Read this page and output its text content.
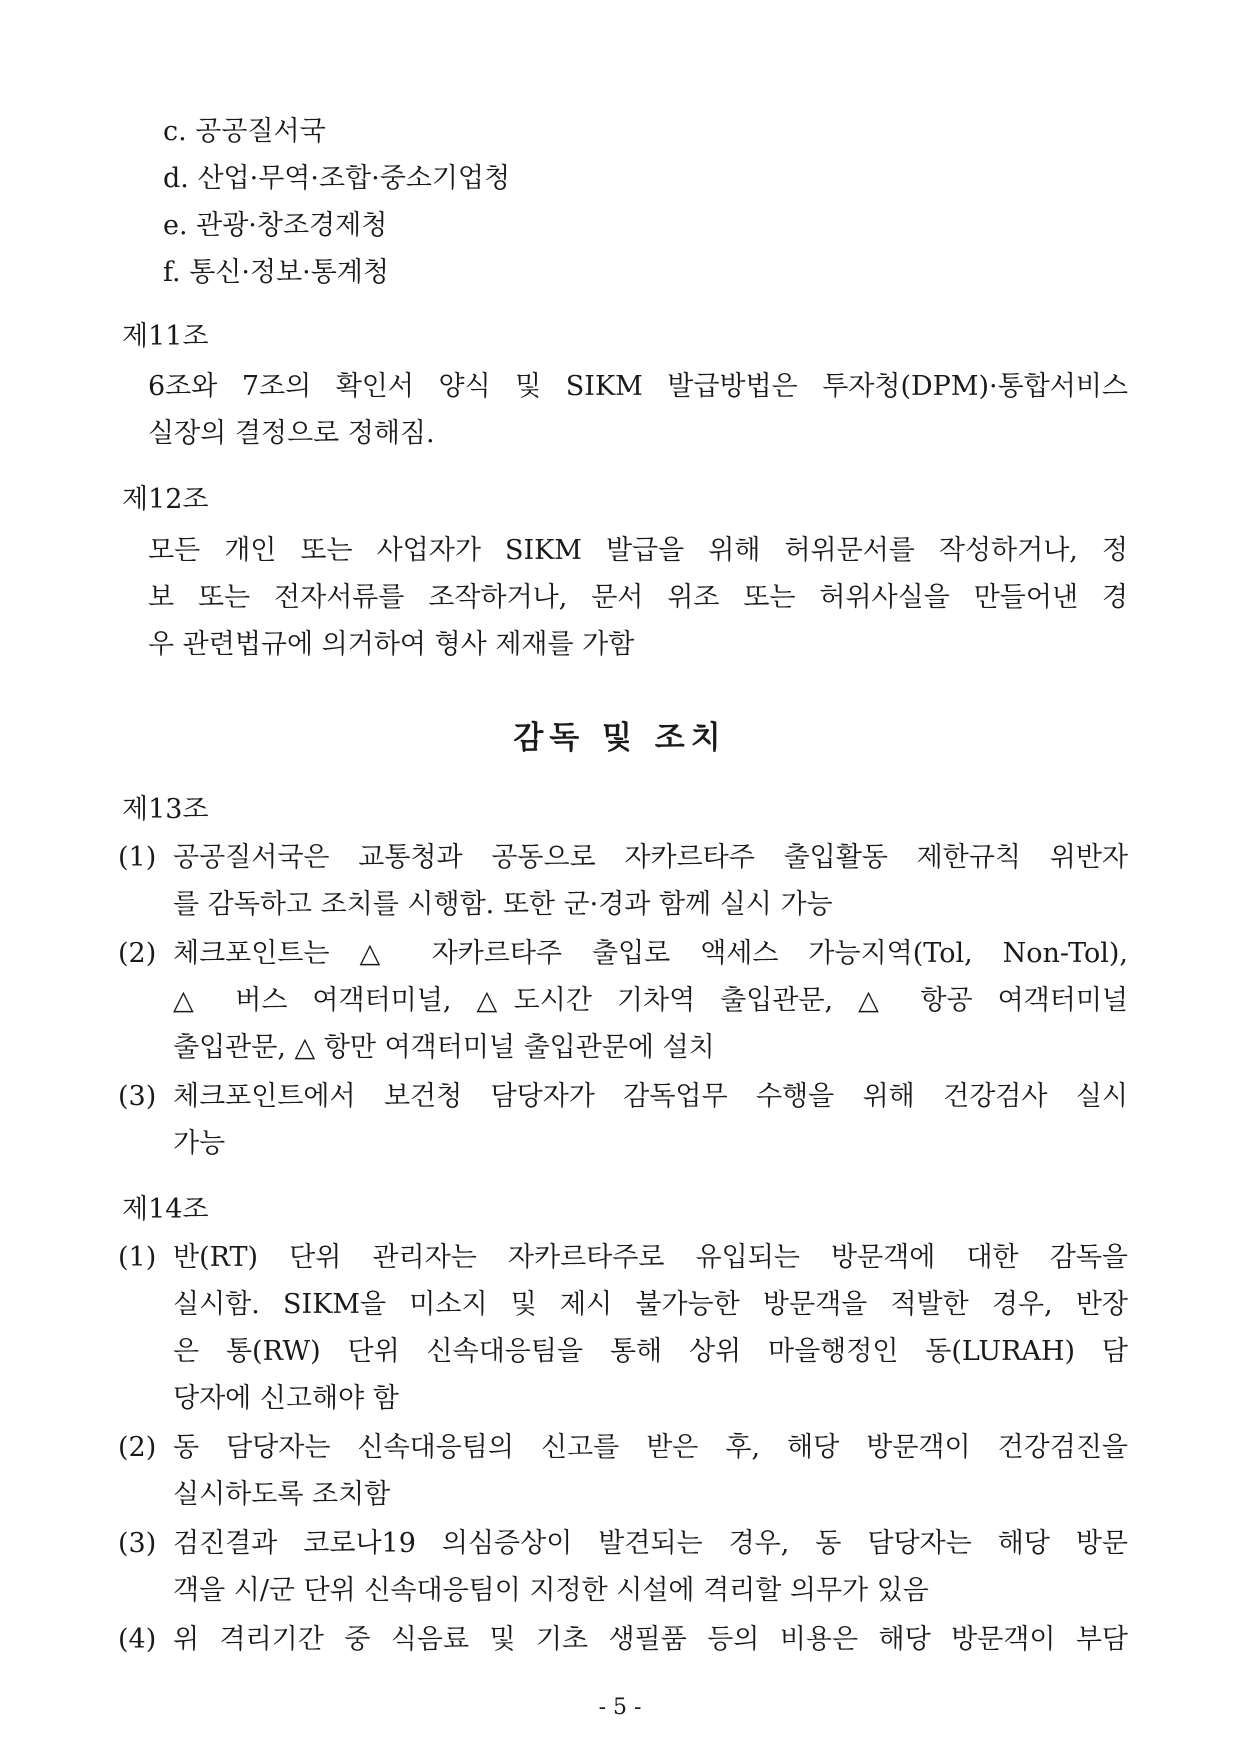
c. 공공질서국
d. 산업·무역·조합·중소기업청
e. 관광·창조경제청
f. 통신·정보·통계청
제11조
6조와 7조의 확인서 양식 및 SIKM 발급방법은 투자청(DPM)·통합서비스
실장의 결정으로 정해짐.
제12조
모든 개인 또는 사업자가 SIKM 발급을 위해 허위문서를 작성하거나, 정
보 또는 전자서류를 조작하거나, 문서 위조 또는 허위사실을 만들어낸 경
우 관련법규에 의거하여 형사 제재를 가함
감독 및 조치
제13조
(1) 공공질서국은 교통청과 공동으로 자카르타주 출입활동 제한규칙 위반자
를 감독하고 조치를 시행함. 또한 군·경과 함께 실시 가능
(2) 체크포인트는 △ 자카르타주 출입로 액세스 가능지역(Tol, Non-Tol),
△ 버스 여객터미널, △도시간 기차역 출입관문, △ 항공 여객터미널
출입관문, △ 항만 여객터미널 출입관문에 설치
(3) 체크포인트에서 보건청 담당자가 감독업무 수행을 위해 건강검사 실시
가능
제14조
(1) 반(RT) 단위 관리자는 자카르타주로 유입되는 방문객에 대한 감독을
실시함. SIKM을 미소지 및 제시 불가능한 방문객을 적발한 경우, 반장
은 통(RW) 단위 신속대응팀을 통해 상위 마을행정인 동(LURAH) 담
당자에 신고해야 함
(2) 동 담당자는 신속대응팀의 신고를 받은 후, 해당 방문객이 건강검진을
실시하도록 조치함
(3) 검진결과 코로나19 의심증상이 발견되는 경우, 동 담당자는 해당 방문
객을 시/군 단위 신속대응팀이 지정한 시설에 격리할 의무가 있음
(4) 위 격리기간 중 식음료 및 기초 생필품 등의 비용은 해당 방문객이 부담
- 5 -
